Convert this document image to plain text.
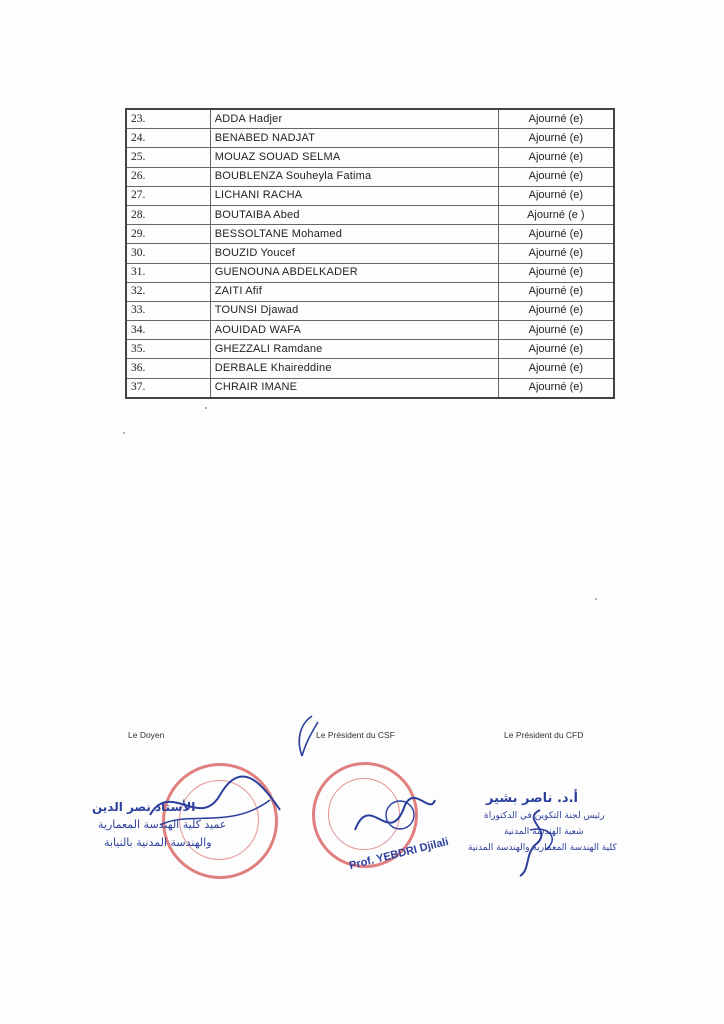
23.	ADDA Hadjer	Ajourné (e)
24.	BENABED NADJAT	Ajourné (e)
25.	MOUAZ SOUAD SELMA	Ajourné (e)
26.	BOUBLENZA Souheyla Fatima	Ajourné (e)
27.	LICHANI RACHA	Ajourné (e)
28.	BOUTAIBA Abed	Ajourné (e )
29.	BESSOLTANE Mohamed	Ajourné (e)
30.	BOUZID Youcef	Ajourné (e)
31.	GUENOUNA ABDELKADER	Ajourné (e)
32.	ZAITI Afif	Ajourné (e)
33.	TOUNSI Djawad	Ajourné (e)
34.	AOUIDAD WAFA	Ajourné (e)
35.	GHEZZALI Ramdane	Ajourné (e)
36.	DERBALE Khaireddine	Ajourné (e)
37.	CHRAIR IMANE	Ajourné (e)
Le Doyen	Le Président du CSF	Le Président du CFD
الأستاذ نصر الدين
عميد كلية الهندسة المعمارية
والهندسة المدنية بالنيابة	Prof. YEBDRI Djilali
أ.د. ناصر بشير
رئيس لجنة التكوين في الدكتوراة
شعبة الهندسة المدنية
كلية الهندسة المعمارية والهندسة المدنية
